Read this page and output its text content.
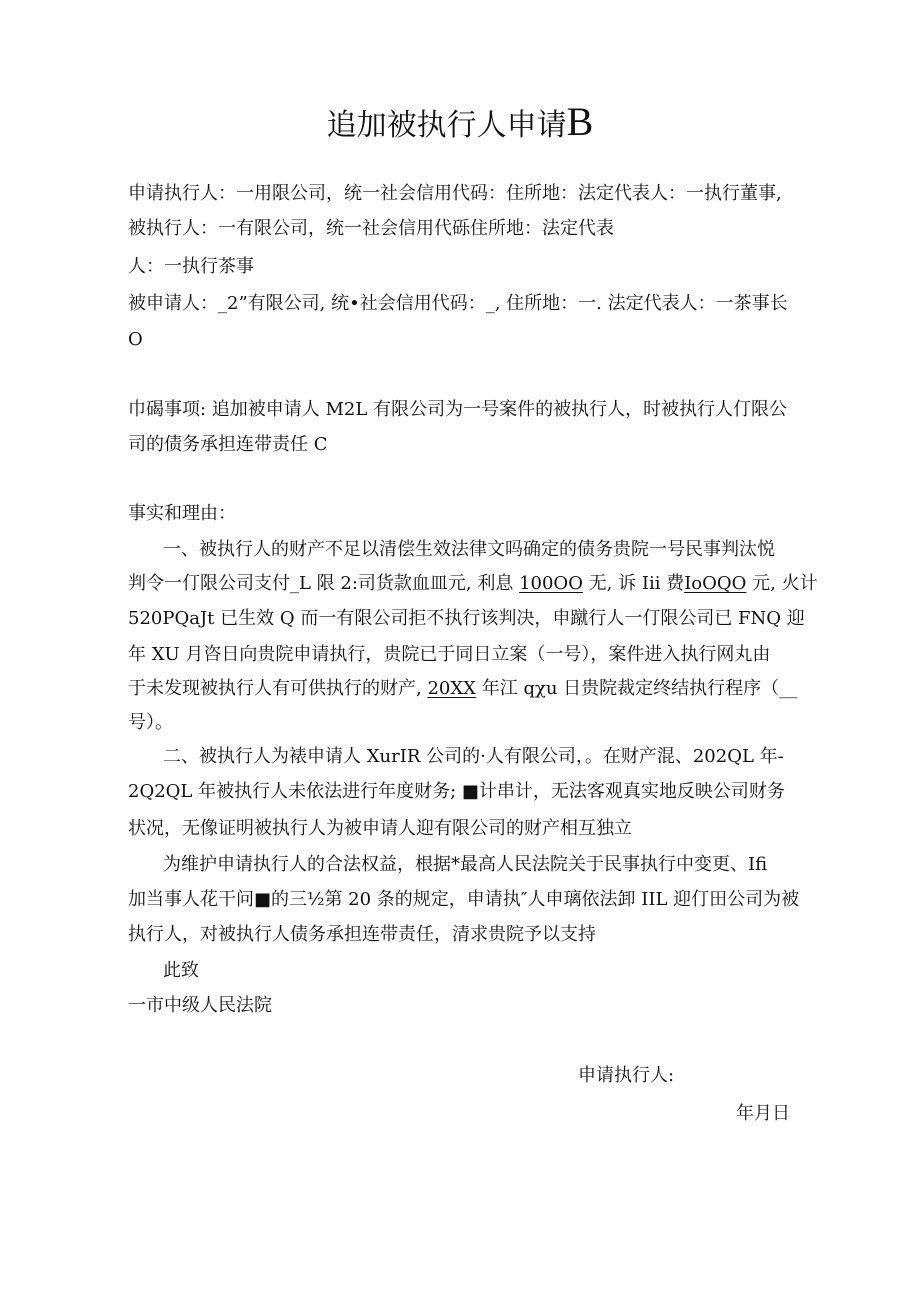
追加被执行人申请B
申请执行人：一用限公司，统一社会信用代码：住所地：法定代表人：一执行董事,
被执行人：一有限公司，统一社会信用代砾住所地：法定代表
人：一执行茶事
被申请人：_2”有限公司, 统•社会信用代码：_, 住所地：一. 法定代表人：一茶事长
O
巾碣事项: 追加被申请人 M2L 有限公司为一号案件的被执行人，时被执行人仃限公
司的债务承担连带责任 C
事实和理由：
一、被执行人的财产不足以清偿生效法律文吗确定的债务贵院一号民事判汰悦
判令一仃限公司支付_L 限 2:司货款血皿元, 利息 100OO 无, 诉 Iii 费IoOQO 元, 火计
520PQaJt 已生效 Q 而一有限公司拒不执行该判决，申蹴行人一仃限公司已 FNQ 迎
年 XU 月咨日向贵院申请执行，贵院已于同日立案（一号），案件进入执行网丸由
于未发现被执行人有可供执行的财产, 20XX 年江 qχu 日贵院裁定终结执行程序（__
号）。
二、被执行人为裱申请人 XurIR 公司的·人有限公司，。在财产混、202QL 年-
2Q2QL 年被执行人未依法进行年度财务; ■计串计，无法客观真实地反映公司财务
状况，无像证明被执行人为被申请人迎有限公司的财产相互独立
为维护申请执行人的合法权益，根据*最高人民法院关于民事执行中变更、Ifi
加当事人花干问■的三½第 20 条的规定，申请执″人申璃依法卸 IIL 迎仃田公司为被
执行人，对被执行人债务承担连带责任，清求贵院予以支持
此致
一市中级人民法院
申请执行人:
年月日
